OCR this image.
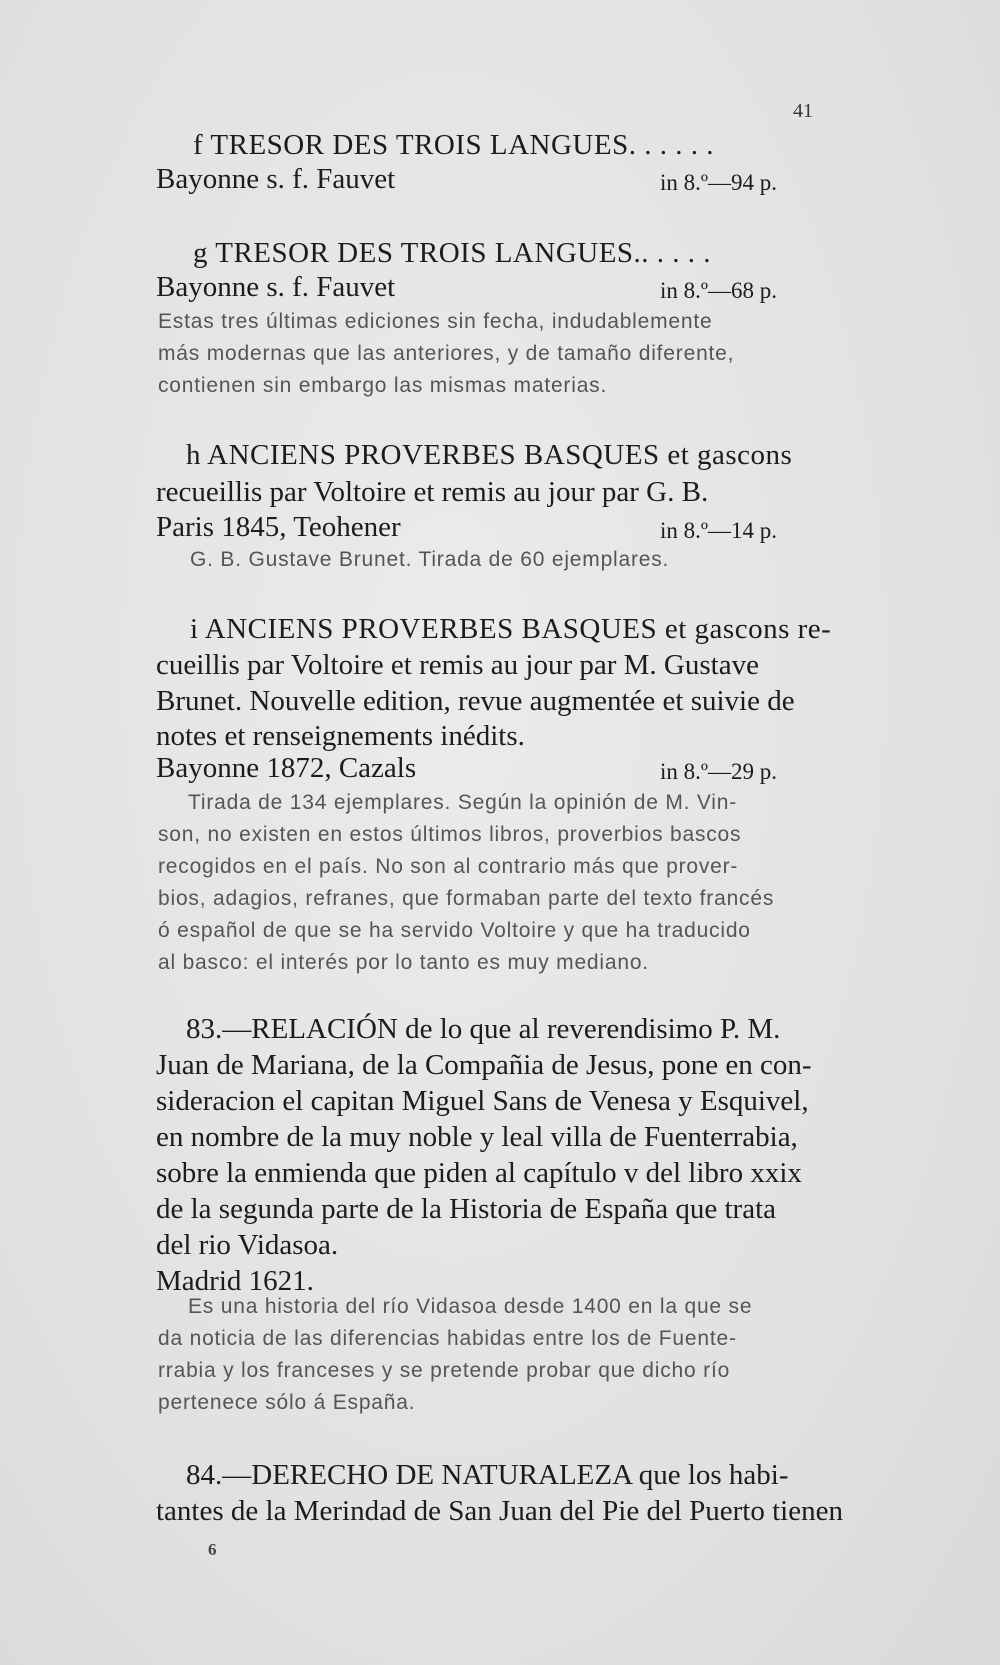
41
f TRESOR DES TROIS LANGUES. . . . . .
Bayonne s. f. Fauvet	in 8.º—94 p.
g TRESOR DES TROIS LANGUES.. . . . .
Bayonne s. f. Fauvet	in 8.º—68 p.
Estas tres últimas ediciones sin fecha, indudablemente
más modernas que las anteriores, y de tamaño diferente,
contienen sin embargo las mismas materias.
h ANCIENS PROVERBES BASQUES et gascons
recueillis par Voltoire et remis au jour par G. B.
Paris 1845, Teohener	in 8.º—14 p.
G. B. Gustave Brunet. Tirada de 60 ejemplares.
i ANCIENS PROVERBES BASQUES et gascons re-
cueillis par Voltoire et remis au jour par M. Gustave
Brunet. Nouvelle edition, revue augmentée et suivie de
notes et renseignements inédits.
Bayonne 1872, Cazals	in 8.º—29 p.
Tirada de 134 ejemplares. Según la opinión de M. Vin-
son, no existen en estos últimos libros, proverbios bascos
recogidos en el país. No son al contrario más que prover-
bios, adagios, refranes, que formaban parte del texto francés
ó español de que se ha servido Voltoire y que ha traducido
al basco: el interés por lo tanto es muy mediano.
83.—RELACIÓN de lo que al reverendisimo P. M.
Juan de Mariana, de la Compañia de Jesus, pone en con-
sideracion el capitan Miguel Sans de Venesa y Esquivel,
en nombre de la muy noble y leal villa de Fuenterrabia,
sobre la enmienda que piden al capítulo v del libro xxix
de la segunda parte de la Historia de España que trata
del rio Vidasoa.
Madrid 1621.
Es una historia del río Vidasoa desde 1400 en la que se
da noticia de las diferencias habidas entre los de Fuente-
rrabia y los franceses y se pretende probar que dicho río
pertenece sólo á España.
84.—DERECHO DE NATURALEZA que los habi-
tantes de la Merindad de San Juan del Pie del Puerto tienen
6
